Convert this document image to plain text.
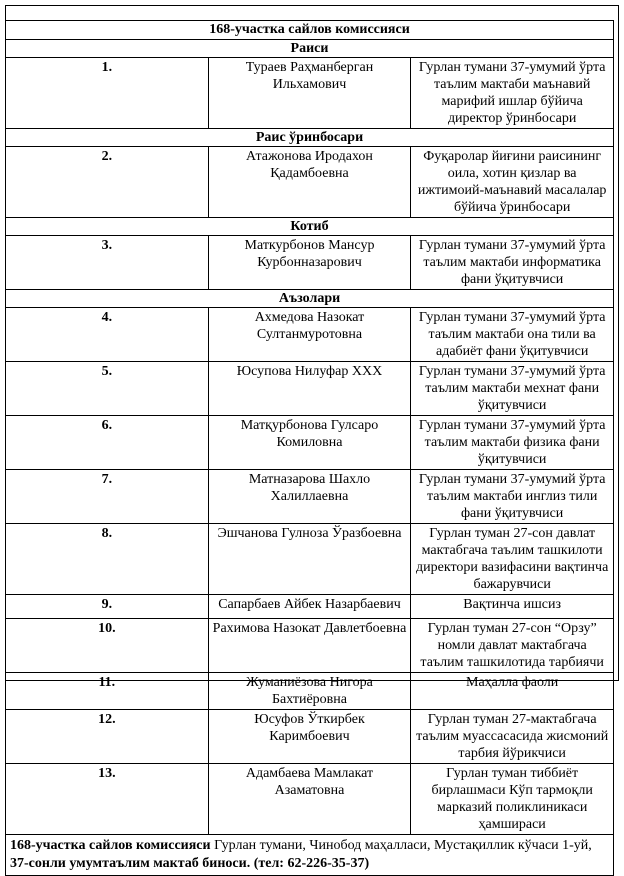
168-участка сайлов комиссияси		
Раиси		
1.	Тураев Раҳманберган Ильхамович	Гурлан тумани 37-умумий ўрта таълим мактаби маънавий марифий ишлар бўйича директор ўринбосари
Раис ўринбосари		
2.	Атажонова Иродахон Қадамбоевна	Фуқаролар йиғини раисининг оила, хотин қизлар ва ижтимоий-маънавий масалалар бўйича ўринбосари
Котиб		
3.	Маткурбонов Мансур Курбонназарович	Гурлан тумани 37-умумий ўрта таълим мактаби информатика фани ўқитувчиси
Аъзолари		
4.	Ахмедова Назокат Султанмуротовна	Гурлан тумани 37-умумий ўрта таълим мактаби она тили ва адабиёт фани ўқитувчиси
5.	Юсупова Нилуфар ХХХ	Гурлан тумани 37-умумий ўрта таълим мактаби мехнат фани ўқитувчиси
6.	Матқурбонова Гулсаро Комиловна	Гурлан тумани 37-умумий ўрта таълим мактаби физика фани ўқитувчиси
7.	Матназарова Шахло Халиллаевна	Гурлан тумани 37-умумий ўрта таълим мактаби инглиз тили фани ўқитувчиси
8.	Эшчанова Гулноза Ўразбоевна	Гурлан туман 27-сон давлат мактабгача таълим ташкилоти директори вазифасини вақтинча бажарувчиси
9.	Сапарбаев Айбек Назарбаевич	Вақтинча ишсиз
10.	Рахимова Назокат Давлетбоевна	Гурлан туман 27-сон “Орзу” номли давлат мактабгача таълим ташкилотида тарбиячи
11.	Жуманиёзова Нигора Бахтиёровна	Маҳалла фаоли
12.	Юсуфов Ўткирбек Каримбоевич	Гурлан туман 27-мактабгача таълим муассасасида жисмоний тарбия йўрикчиси
13.	Адамбаева Мамлакат Азаматовна	Гурлан туман тиббиёт бирлашмаси Кўп тармоқли марказий поликлиникаси ҳамшираси
168-участка сайлов комиссияси Гурлан тумани, Чинобод маҳалласи, Мустақиллик кўчаси 1-уй, 37-сонли умумтаълим мактаб биноси. (тел: 62-226-35-37)		
